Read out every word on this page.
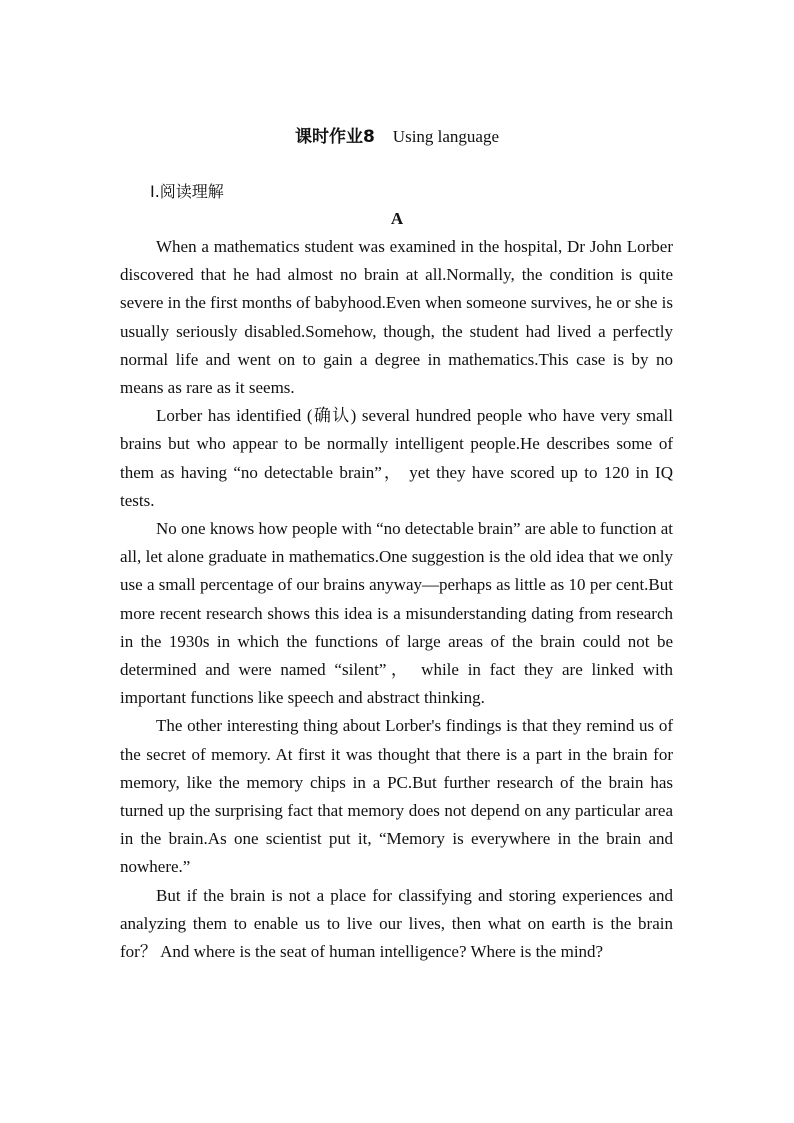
课时作业8 Using language
Ⅰ.阅读理解
A

When a mathematics student was examined in the hospital, Dr John Lorber discovered that he had almost no brain at all.Normally, the condition is quite severe in the first months of babyhood.Even when someone survives, he or she is usually seriously disabled.Somehow, though, the student had lived a perfectly normal life and went on to gain a degree in mathematics.This case is by no means as rare as it seems.

Lorber has identified (确认) several hundred people who have very small brains but who appear to be normally intelligent people.He describes some of them as having “no detectable brain”， yet they have scored up to 120 in IQ tests.

No one knows how people with “no detectable brain” are able to function at all, let alone graduate in mathematics.One suggestion is the old idea that we only use a small percentage of our brains anyway—perhaps as little as 10 per cent.But more recent research shows this idea is a misunderstanding dating from research in the 1930s in which the functions of large areas of the brain could not be determined and were named “silent”， while in fact they are linked with important functions like speech and abstract thinking.

The other interesting thing about Lorber's findings is that they remind us of the secret of memory. At first it was thought that there is a part in the brain for memory, like the memory chips in a PC.But further research of the brain has turned up the surprising fact that memory does not depend on any particular area in the brain.As one scientist put it, “Memory is everywhere in the brain and nowhere.”

But if the brain is not a place for classifying and storing experiences and analyzing them to enable us to live our lives, then what on earth is the brain for？ And where is the seat of human intelligence? Where is the mind?
